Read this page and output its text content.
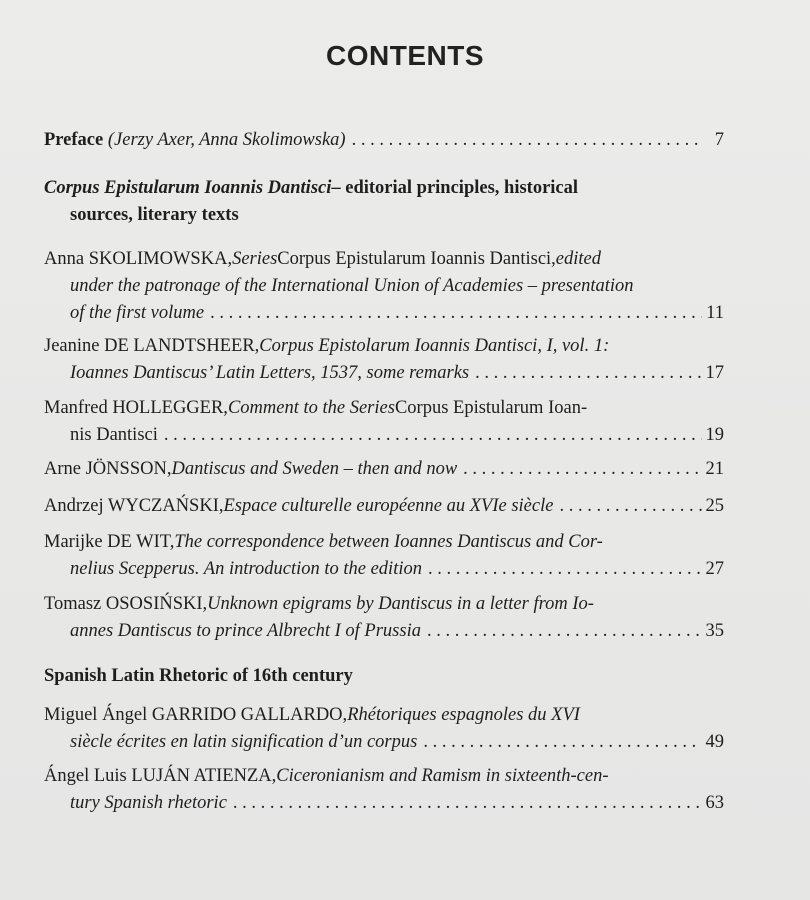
CONTENTS
Preface
(Jerzy Axer, Anna Skolimowska) . . .	7
Corpus Epistularum Ioannis Dantisci – editorial principles, historical
sources, literary texts
Anna SKOLIMOWSKA, Series Corpus Epistularum Ioannis Dantisci, edited
under the patronage of the International Union of Academies – presentation
of the first volume . . .	11
Jeanine DE LANDTSHEER, Corpus Epistolarum Ioannis Dantisci, I, vol. 1:
Ioannes Dantiscus’ Latin Letters, 1537, some remarks . . .	17
Manfred HOLLEGGER, Comment to the Series Corpus Epistularum Ioan-
nis Dantisci . . .	19
Arne JÖNSSON, Dantiscus and Sweden – then and now . . .	21
Andrzej WYCZAŃSKI, Espace culturelle européenne au XVIe siècle . . .	25
Marijke DE WIT, The correspondence between Ioannes Dantiscus and Cor-
nelius Scepperus. An introduction to the edition . . .	27
Tomasz OSOSIŃSKI, Unknown epigrams by Dantiscus in a letter from Io-
annes Dantiscus to prince Albrecht I of Prussia . . .	35
Spanish Latin Rhetoric of 16th century
Miguel Ángel GARRIDO GALLARDO, Rhétoriques espagnoles du XVI
siècle écrites en latin signification d’un corpus . . .	49
Ángel Luis LUJÁN ATIENZA, Ciceronianism and Ramism in sixteenth-cen-
tury Spanish rhetoric . . .	63
